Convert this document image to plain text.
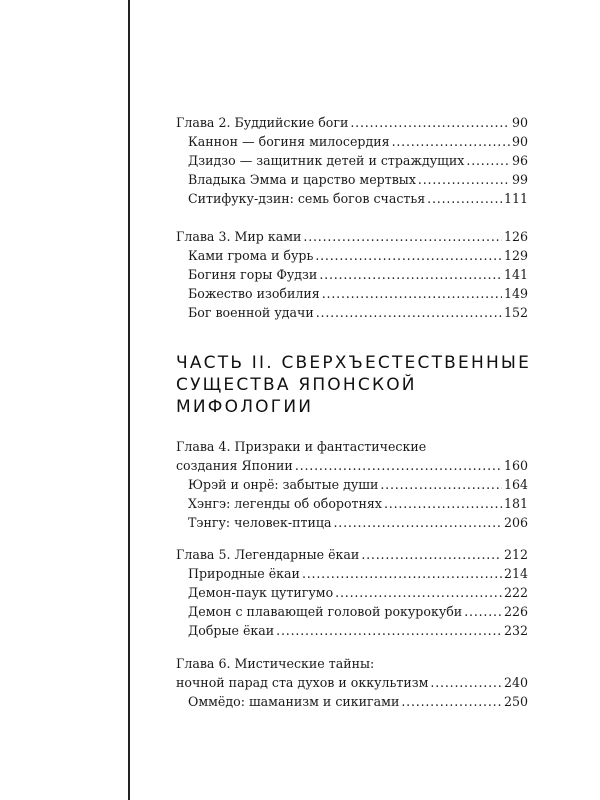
Глава 2. Буддийские боги . . .	90
Каннон — богиня милосердия . . .	90
Дзидзо — защитник детей и страждущих . . .	96
Владыка Эмма и царство мертвых . . .	99
Ситифуку-дзин: семь богов счастья . . .	111
Глава 3. Мир ками . . .	126
Ками грома и бурь . . .	129
Богиня горы Фудзи . . .	141
Божество изобилия . . .	149
Бог военной удачи . . .	152
ЧАСТЬ II. СВЕРХЪЕСТЕСТВЕННЫЕ
СУЩЕСТВА ЯПОНСКОЙ
МИФОЛОГИИ
Глава 4. Призраки и фантастические
создания Японии . . .	160
Юрэй и онрё: забытые души . . .	164
Хэнгэ: легенды об оборотнях . . .	181
Тэнгу: человек-птица . . .	206
Глава 5. Легендарные ёкаи . . .	212
Природные ёкаи . . .	214
Демон-паук цутигумо . . .	222
Демон с плавающей головой рокурокуби . . .	226
Добрые ёкаи . . .	232
Глава 6. Мистические тайны:
ночной парад ста духов и оккультизм . . .	240
Оммёдо: шаманизм и сикигами . . .	250
